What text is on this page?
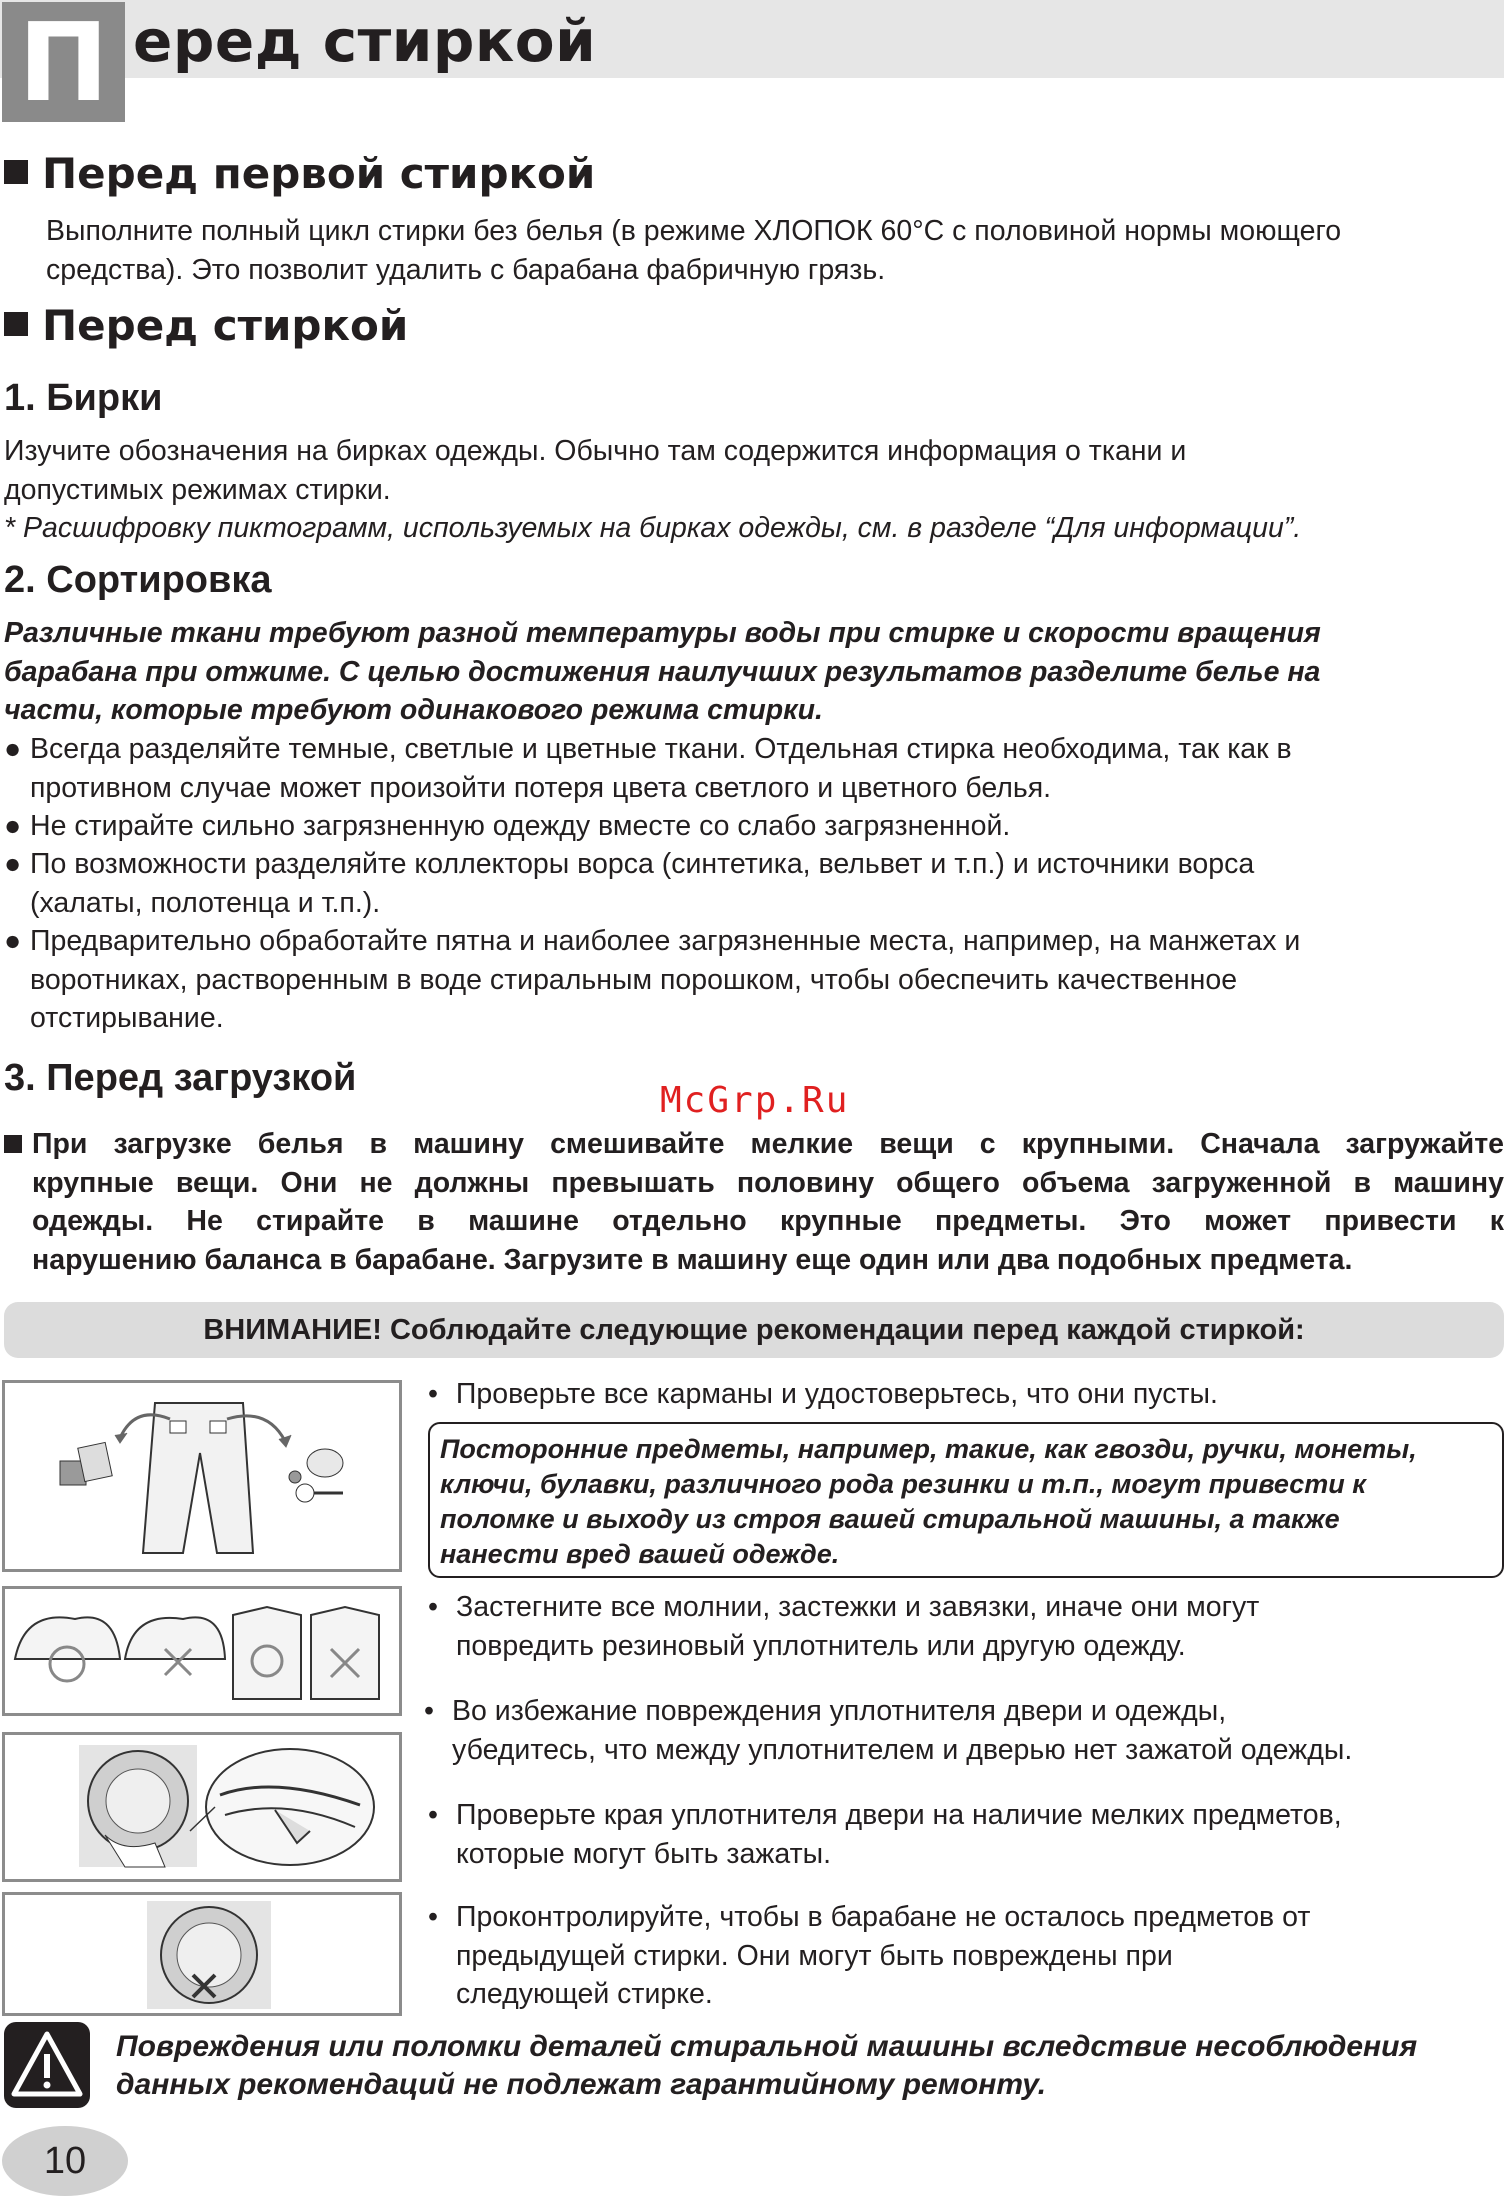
П еред стиркой
Перед первой стиркой
Выполните полный цикл стирки без белья (в режиме ХЛОПОК 60°С с половиной нормы моющего
средства). Это позволит удалить с барабана фабричную грязь.
Перед стиркой
1. Бирки
Изучите обозначения на бирках одежды. Обычно там содержится информация о ткани и
допустимых режимах стирки.
* Расшифровку пиктограмм, используемых на бирках одежды, см. в разделе “Для информации”.
2. Сортировка
Различные ткани требуют разной температуры воды при стирке и скорости вращения
барабана при отжиме. С целью достижения наилучших результатов разделите белье на
части, которые требуют одинакового режима стирки.
● Всегда разделяйте темные, светлые и цветные ткани. Отдельная стирка необходима, так как в
противном случае может произойти потеря цвета светлого и цветного белья.
● Не стирайте сильно загрязненную одежду вместе со слабо загрязненной.
● По возможности разделяйте коллекторы ворса (синтетика, вельвет и т.п.) и источники ворса
(халаты, полотенца и т.п.).
● Предварительно обработайте пятна и наиболее загрязненные места, например, на манжетах и
воротниках, растворенным в воде стиральным порошком, чтобы обеспечить качественное
отстирывание.
3. Перед загрузкой
McGrp.Ru
При загрузке белья в машину смешивайте мелкие вещи с крупными. Сначала загружайте
крупные вещи. Они не должны превышать половину общего объема загруженной в машину
одежды. Не стирайте в машине отдельно крупные предметы. Это может привести к
нарушению баланса в барабане. Загрузите в машину еще один или два подобных предмета.
ВНИМАНИЕ! Соблюдайте следующие рекомендации перед каждой стиркой:
• Проверьте все карманы и удостоверьтесь, что они пусты.
Посторонние предметы, например, такие, как гвозди, ручки, монеты,
ключи, булавки, различного рода резинки и т.п., могут привести к
поломке и выходу из строя вашей стиральной машины, а также
нанести вред вашей одежде.
• Застегните все молнии, застежки и завязки, иначе они могут
повредить резиновый уплотнитель или другую одежду.
• Во избежание повреждения уплотнителя двери и одежды,
убедитесь, что между уплотнителем и дверью нет зажатой одежды.
• Проверьте края уплотнителя двери на наличие мелких предметов,
которые могут быть зажаты.
• Проконтролируйте, чтобы в барабане не осталось предметов от
предыдущей стирки. Они могут быть повреждены при
следующей стирке.
Повреждения или поломки деталей стиральной машины вследствие несоблюдения
данных рекомендаций не подлежат гарантийному ремонту.
10
